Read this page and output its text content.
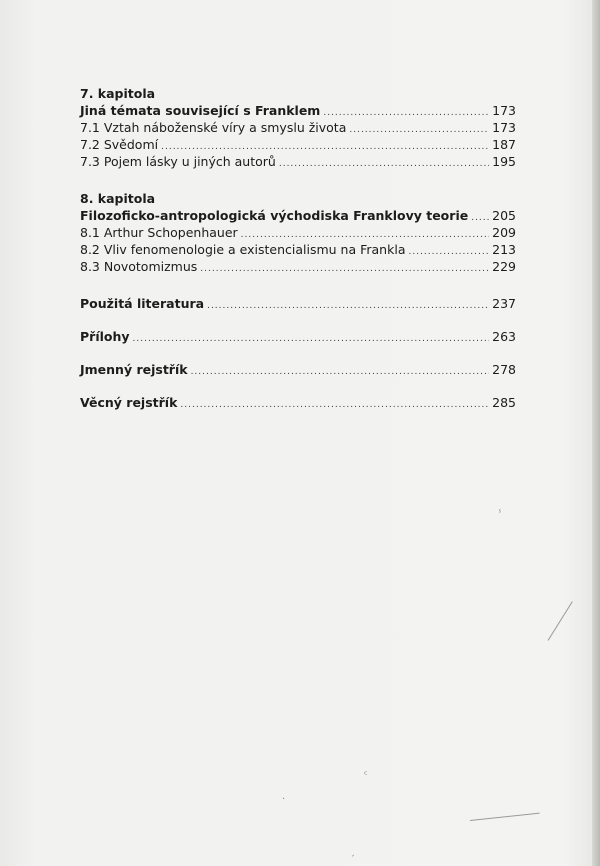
7. kapitola
Jiná témata související s Franklem .....	173
7.1 Vztah náboženské víry a smyslu života .....	173
7.2 Svědomí .....	187
7.3 Pojem lásky u jiných autorů .....	195
8. kapitola
Filozoficko-antropologická východiska Franklovy teorie ..... 205
8.1 Arthur Schopenhauer .....	209
8.2 Vliv fenomenologie a existencialismu na Frankla .....	213
8.3 Novotomizmus .....	229
Použitá literatura .....	237
Přílohy .....	263
Jmenný rejstřík .....	278
Věcný rejstřík .....	285
ⸯ
ᶜ
·
ˏ
